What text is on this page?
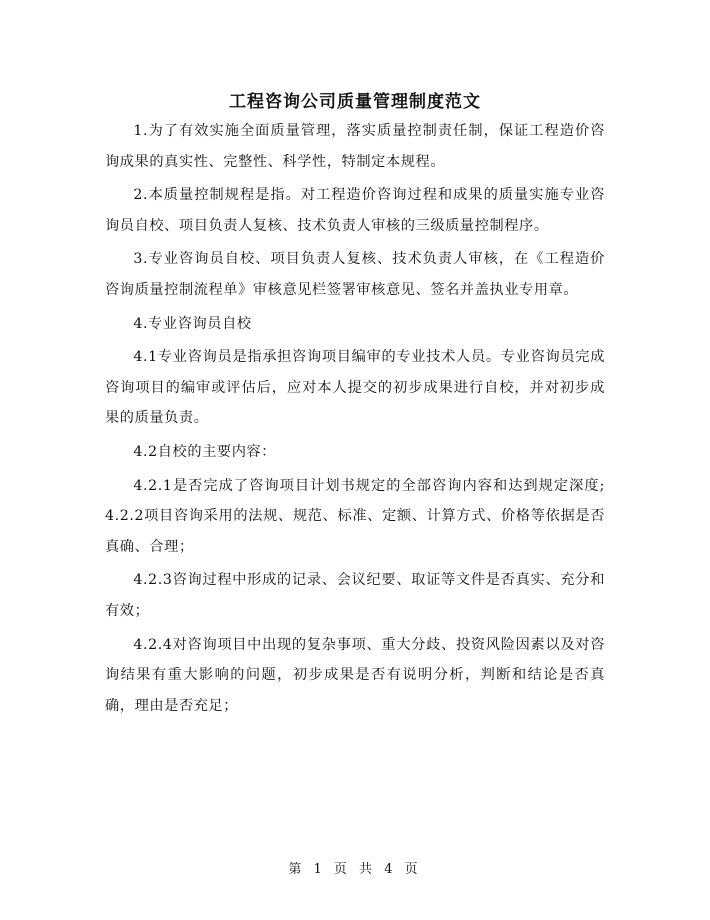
工程咨询公司质量管理制度范文

1.为了有效实施全面质量管理，落实质量控制责任制，保证工程造价咨询成果的真实性、完整性、科学性，特制定本规程。

2.本质量控制规程是指。对工程造价咨询过程和成果的质量实施专业咨询员自校、项目负责人复核、技术负责人审核的三级质量控制程序。

3.专业咨询员自校、项目负责人复核、技术负责人审核，在《工程造价咨询质量控制流程单》审核意见栏签署审核意见、签名并盖执业专用章。

4.专业咨询员自校

4.1专业咨询员是指承担咨询项目编审的专业技术人员。专业咨询员完成咨询项目的编审或评估后，应对本人提交的初步成果进行自校，并对初步成果的质量负责。

4.2自校的主要内容：

4.2.1是否完成了咨询项目计划书规定的全部咨询内容和达到规定深度;4.2.2项目咨询采用的法规、规范、标准、定额、计算方式、价格等依据是否真确、合理；

4.2.3咨询过程中形成的记录、会议纪要、取证等文件是否真实、充分和有效；

4.2.4对咨询项目中出现的复杂事项、重大分歧、投资风险因素以及对咨询结果有重大影响的问题，初步成果是否有说明分析，判断和结论是否真确，理由是否充足；

第 1 页 共 4 页
